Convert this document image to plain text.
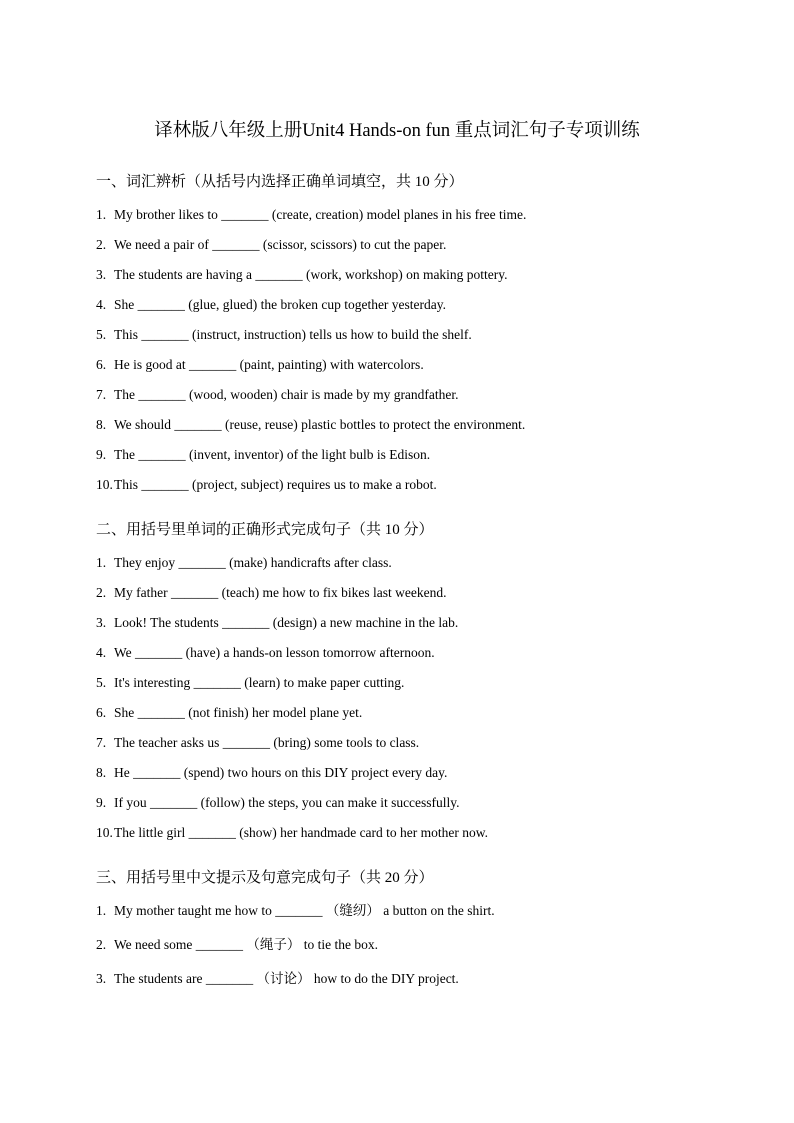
译林版八年级上册Unit4 Hands-on fun 重点词汇句子专项训练
一、词汇辨析（从括号内选择正确单词填空，共 10 分）
1. My brother likes to _______ (create, creation) model planes in his free time.
2. We need a pair of _______ (scissor, scissors) to cut the paper.
3. The students are having a _______ (work, workshop) on making pottery.
4. She _______ (glue, glued) the broken cup together yesterday.
5. This _______ (instruct, instruction) tells us how to build the shelf.
6. He is good at _______ (paint, painting) with watercolors.
7. The _______ (wood, wooden) chair is made by my grandfather.
8. We should _______ (reuse, reuse) plastic bottles to protect the environment.
9. The _______ (invent, inventor) of the light bulb is Edison.
10.This _______ (project, subject) requires us to make a robot.
二、用括号里单词的正确形式完成句子（共 10 分）
1. They enjoy _______ (make) handicrafts after class.
2. My father _______ (teach) me how to fix bikes last weekend.
3. Look! The students _______ (design) a new machine in the lab.
4. We _______ (have) a hands-on lesson tomorrow afternoon.
5. It's interesting _______ (learn) to make paper cutting.
6. She _______ (not finish) her model plane yet.
7. The teacher asks us _______ (bring) some tools to class.
8. He _______ (spend) two hours on this DIY project every day.
9. If you _______ (follow) the steps, you can make it successfully.
10.The little girl _______ (show) her handmade card to her mother now.
三、用括号里中文提示及句意完成句子（共 20 分）
1. My mother taught me how to _______ （缝纫） a button on the shirt.
2. We need some _______ （绳子） to tie the box.
3. The students are _______ （讨论） how to do the DIY project.
